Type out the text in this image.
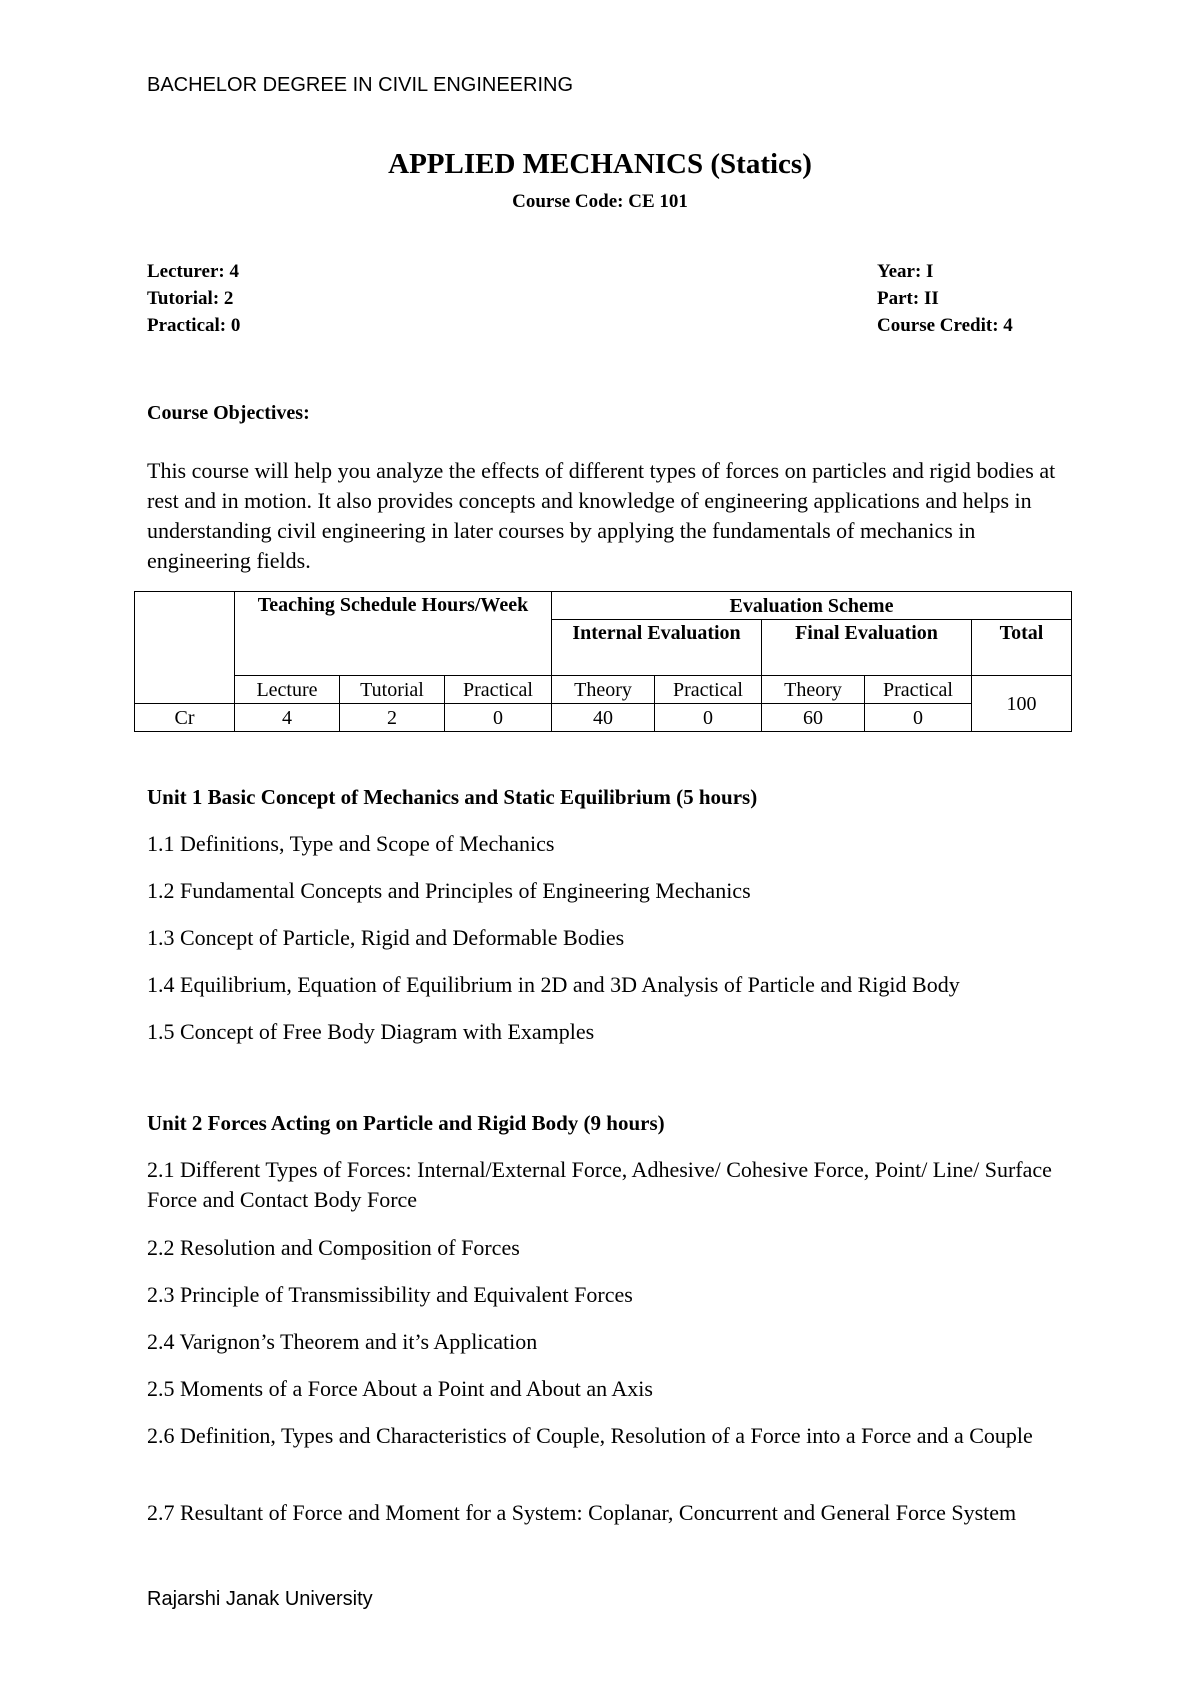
BACHELOR DEGREE IN CIVIL ENGINEERING
APPLIED MECHANICS (Statics)
Course Code: CE 101
Lecturer: 4
Tutorial: 2
Practical: 0
Year: I
Part: II
Course Credit: 4
Course Objectives:
This course will help you analyze the effects of different types of forces on particles and rigid bodies at rest and in motion. It also provides concepts and knowledge of engineering applications and helps in understanding civil engineering in later courses by applying the fundamentals of mechanics in engineering fields.
	Teaching Schedule Hours/Week			Evaluation Scheme				
				Internal Evaluation		Final Evaluation		Total
	Lecture	Tutorial	Practical	Theory	Practical	Theory	Practical	100
Cr	4	2	0	40	0	60	0	
Unit 1 Basic Concept of Mechanics and Static Equilibrium (5 hours)
1.1 Definitions, Type and Scope of Mechanics
1.2 Fundamental Concepts and Principles of Engineering Mechanics
1.3 Concept of Particle, Rigid and Deformable Bodies
1.4 Equilibrium, Equation of Equilibrium in 2D and 3D Analysis of Particle and Rigid Body
1.5 Concept of Free Body Diagram with Examples
Unit 2 Forces Acting on Particle and Rigid Body (9 hours)
2.1 Different Types of Forces: Internal/External Force, Adhesive/ Cohesive Force, Point/ Line/ Surface Force and Contact Body Force
2.2 Resolution and Composition of Forces
2.3 Principle of Transmissibility and Equivalent Forces
2.4 Varignon’s Theorem and it’s Application
2.5 Moments of a Force About a Point and About an Axis
2.6 Definition, Types and Characteristics of Couple, Resolution of a Force into a Force and a Couple
2.7 Resultant of Force and Moment for a System: Coplanar, Concurrent and General Force System
Rajarshi Janak University
